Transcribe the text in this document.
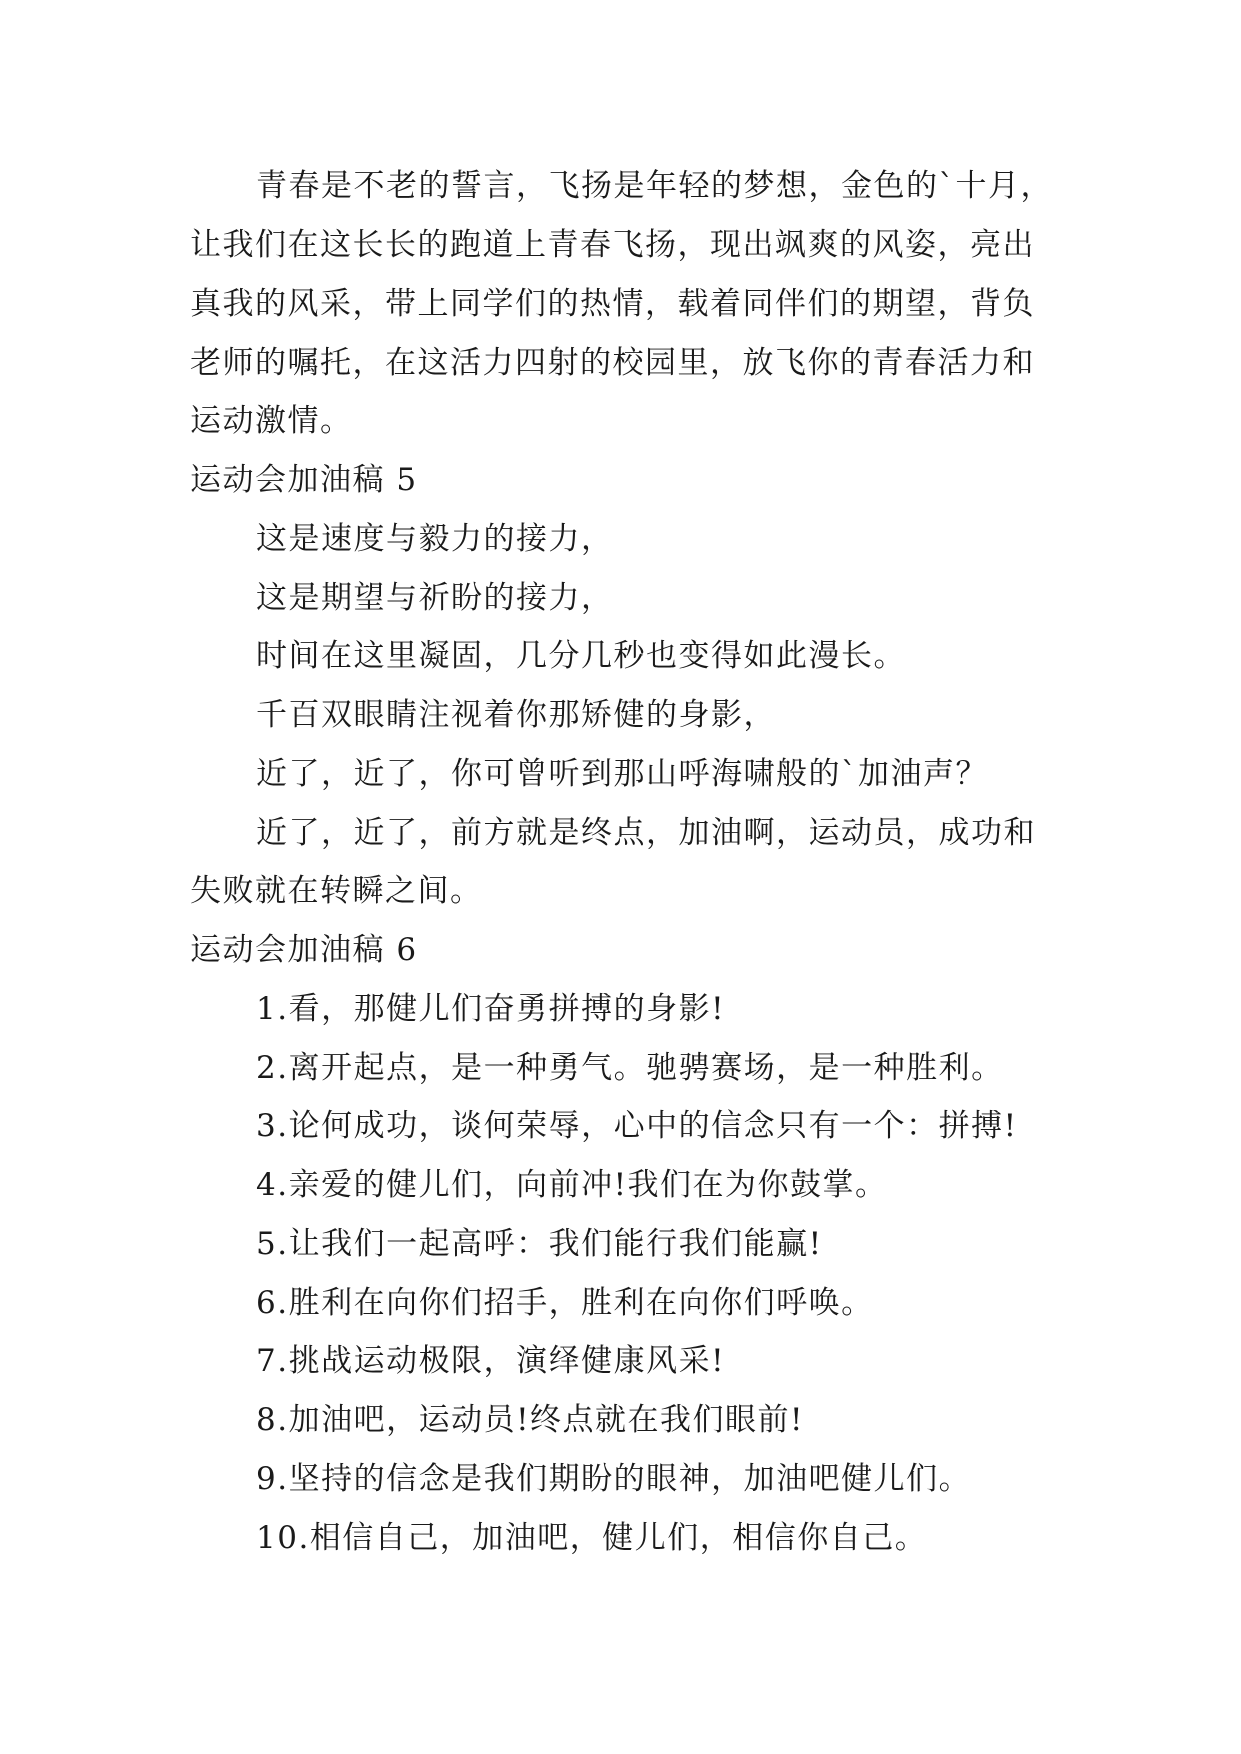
青春是不老的誓言，飞扬是年轻的梦想，金色的`十月，
让我们在这长长的跑道上青春飞扬，现出飒爽的风姿，亮出
真我的风采，带上同学们的热情，载着同伴们的期望，背负
老师的嘱托，在这活力四射的校园里，放飞你的青春活力和
运动激情。
运动会加油稿 5
这是速度与毅力的接力，
这是期望与祈盼的接力，
时间在这里凝固，几分几秒也变得如此漫长。
千百双眼睛注视着你那矫健的身影，
近了，近了，你可曾听到那山呼海啸般的`加油声？
近了，近了，前方就是终点，加油啊，运动员，成功和
失败就在转瞬之间。
运动会加油稿 6
1.看，那健儿们奋勇拼搏的身影!
2.离开起点，是一种勇气。驰骋赛场，是一种胜利。
3.论何成功，谈何荣辱，心中的信念只有一个：拼搏!
4.亲爱的健儿们，向前冲!我们在为你鼓掌。
5.让我们一起高呼：我们能行我们能赢!
6.胜利在向你们招手，胜利在向你们呼唤。
7.挑战运动极限，演绎健康风采!
8.加油吧，运动员!终点就在我们眼前!
9.坚持的信念是我们期盼的眼神，加油吧健儿们。
10.相信自己，加油吧，健儿们，相信你自己。
